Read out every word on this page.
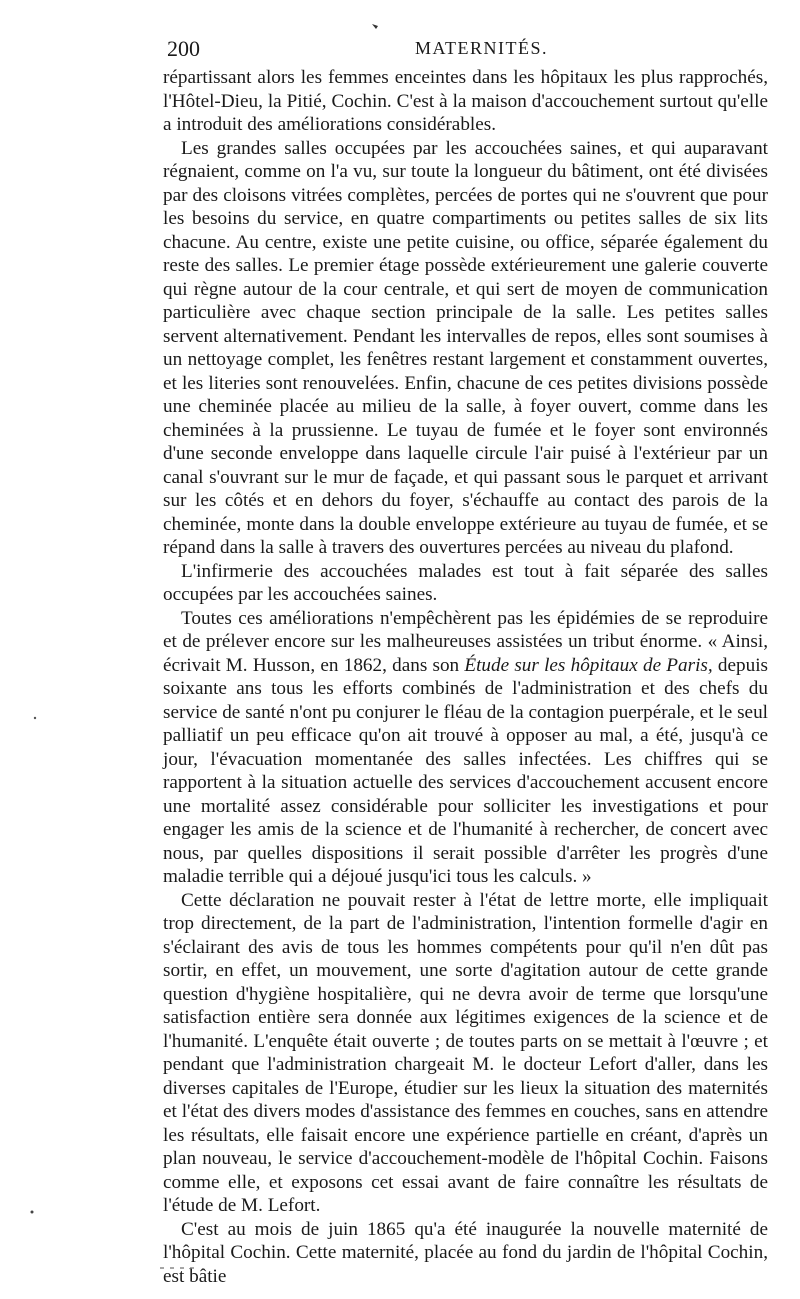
200	MATERNITÉS.

répartissant alors les femmes enceintes dans les hôpitaux les plus rapprochés, l'Hôtel-Dieu, la Pitié, Cochin. C'est à la maison d'accouchement surtout qu'elle a introduit des améliorations considérables.

Les grandes salles occupées par les accouchées saines, et qui auparavant régnaient, comme on l'a vu, sur toute la longueur du bâtiment, ont été divisées par des cloisons vitrées complètes, percées de portes qui ne s'ouvrent que pour les besoins du service, en quatre compartiments ou petites salles de six lits chacune. Au centre, existe une petite cuisine, ou office, séparée également du reste des salles. Le premier étage possède extérieurement une galerie couverte qui règne autour de la cour centrale, et qui sert de moyen de communication particulière avec chaque section principale de la salle. Les petites salles servent alternativement. Pendant les intervalles de repos, elles sont soumises à un nettoyage complet, les fenêtres restant largement et constamment ouvertes, et les literies sont renouvelées. Enfin, chacune de ces petites divisions possède une cheminée placée au milieu de la salle, à foyer ouvert, comme dans les cheminées à la prussienne. Le tuyau de fumée et le foyer sont environnés d'une seconde enveloppe dans laquelle circule l'air puisé à l'extérieur par un canal s'ouvrant sur le mur de façade, et qui passant sous le parquet et arrivant sur les côtés et en dehors du foyer, s'échauffe au contact des parois de la cheminée, monte dans la double enveloppe extérieure au tuyau de fumée, et se répand dans la salle à travers des ouvertures percées au niveau du plafond.

L'infirmerie des accouchées malades est tout à fait séparée des salles occupées par les accouchées saines.

Toutes ces améliorations n'empêchèrent pas les épidémies de se reproduire et de prélever encore sur les malheureuses assistées un tribut énorme. « Ainsi, écrivait M. Husson, en 1862, dans son Étude sur les hôpitaux de Paris, depuis soixante ans tous les efforts combinés de l'administration et des chefs du service de santé n'ont pu conjurer le fléau de la contagion puerpérale, et le seul palliatif un peu efficace qu'on ait trouvé à opposer au mal, a été, jusqu'à ce jour, l'évacuation momentanée des salles infectées. Les chiffres qui se rapportent à la situation actuelle des services d'accouchement accusent encore une mortalité assez considérable pour solliciter les investigations et pour engager les amis de la science et de l'humanité à rechercher, de concert avec nous, par quelles dispositions il serait possible d'arrêter les progrès d'une maladie terrible qui a déjoué jusqu'ici tous les calculs. »

Cette déclaration ne pouvait rester à l'état de lettre morte, elle impliquait trop directement, de la part de l'administration, l'intention formelle d'agir en s'éclairant des avis de tous les hommes compétents pour qu'il n'en dût pas sortir, en effet, un mouvement, une sorte d'agitation autour de cette grande question d'hygiène hospitalière, qui ne devra avoir de terme que lorsqu'une satisfaction entière sera donnée aux légitimes exigences de la science et de l'humanité. L'enquête était ouverte ; de toutes parts on se mettait à l'œuvre ; et pendant que l'administration chargeait M. le docteur Lefort d'aller, dans les diverses capitales de l'Europe, étudier sur les lieux la situation des maternités et l'état des divers modes d'assistance des femmes en couches, sans en attendre les résultats, elle faisait encore une expérience partielle en créant, d'après un plan nouveau, le service d'accouchement-modèle de l'hôpital Cochin. Faisons comme elle, et exposons cet essai avant de faire connaître les résultats de l'étude de M. Lefort.

C'est au mois de juin 1865 qu'a été inaugurée la nouvelle maternité de l'hôpital Cochin. Cette maternité, placée au fond du jardin de l'hôpital Cochin, est bâtie
